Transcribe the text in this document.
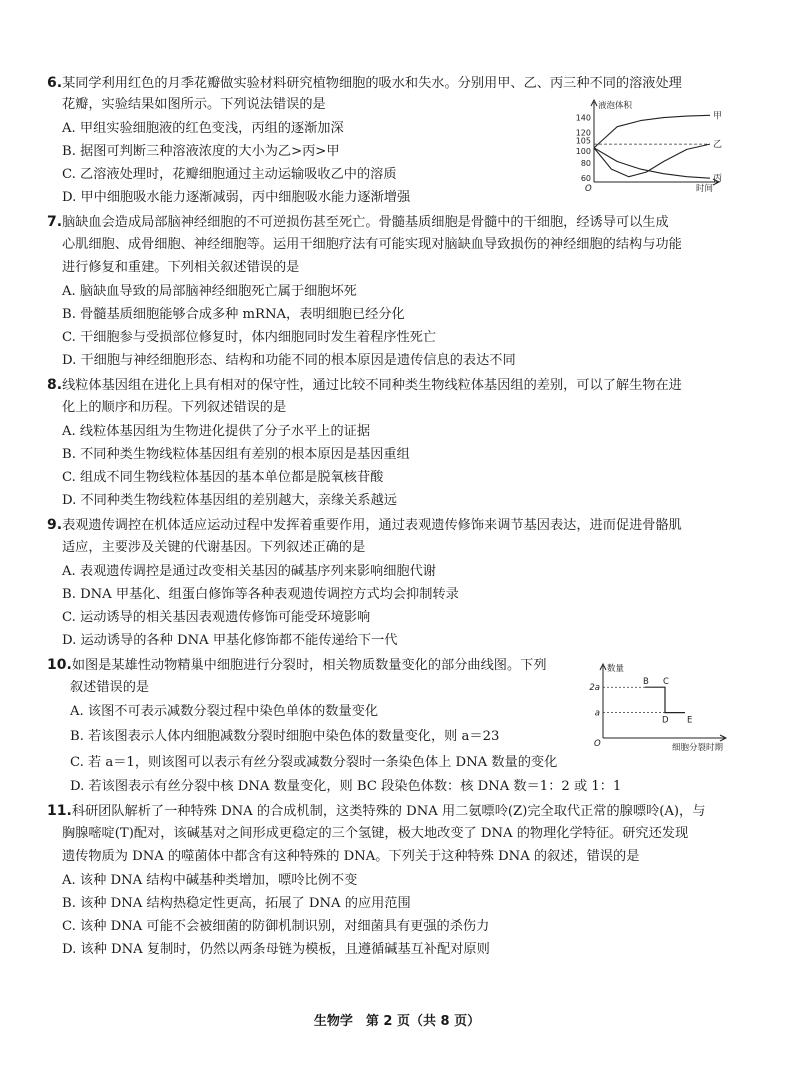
6.某同学利用红色的月季花瓣做实验材料研究植物细胞的吸水和失水。分别用甲、乙、丙三种不同的溶液处理
花瓣，实验结果如图所示。下列说法错误的是
A. 甲组实验细胞液的红色变浅，丙组的逐渐加深
B. 据图可判断三种溶液浓度的大小为乙>丙>甲
C. 乙溶液处理时，花瓣细胞通过主动运输吸收乙中的溶质
D. 甲中细胞吸水能力逐渐减弱，丙中细胞吸水能力逐渐增强
液泡体积
时间
O
140
120
105
100
80
60
甲
乙
丙
7.脑缺血会造成局部脑神经细胞的不可逆损伤甚至死亡。骨髓基质细胞是骨髓中的干细胞，经诱导可以生成
心肌细胞、成骨细胞、神经细胞等。运用干细胞疗法有可能实现对脑缺血导致损伤的神经细胞的结构与功能
进行修复和重建。下列相关叙述错误的是
A. 脑缺血导致的局部脑神经细胞死亡属于细胞坏死
B. 骨髓基质细胞能够合成多种 mRNA，表明细胞已经分化
C. 干细胞参与受损部位修复时，体内细胞同时发生着程序性死亡
D. 干细胞与神经细胞形态、结构和功能不同的根本原因是遗传信息的表达不同
8.线粒体基因组在进化上具有相对的保守性，通过比较不同种类生物线粒体基因组的差别，可以了解生物在进
化上的顺序和历程。下列叙述错误的是
A. 线粒体基因组为生物进化提供了分子水平上的证据
B. 不同种类生物线粒体基因组有差别的根本原因是基因重组
C. 组成不同生物线粒体基因的基本单位都是脱氧核苷酸
D. 不同种类生物线粒体基因组的差别越大，亲缘关系越远
9.表观遗传调控在机体适应运动过程中发挥着重要作用，通过表观遗传修饰来调节基因表达，进而促进骨骼肌
适应，主要涉及关键的代谢基因。下列叙述正确的是
A. 表观遗传调控是通过改变相关基因的碱基序列来影响细胞代谢
B. DNA 甲基化、组蛋白修饰等各种表观遗传调控方式均会抑制转录
C. 运动诱导的相关基因表观遗传修饰可能受环境影响
D. 运动诱导的各种 DNA 甲基化修饰都不能传递给下一代
10.如图是某雄性动物精巢中细胞进行分裂时，相关物质数量变化的部分曲线图。下列
叙述错误的是
A. 该图不可表示减数分裂过程中染色单体的数量变化
B. 若该图表示人体内细胞减数分裂时细胞中染色体的数量变化，则 a＝23
C. 若 a＝1，则该图可以表示有丝分裂或减数分裂时一条染色体上 DNA 数量的变化
D. 若该图表示有丝分裂中核 DNA 数量变化，则 BC 段染色体数：核 DNA 数＝1：2 或 1：1
数量
细胞分裂时期
O
2a
a
B C
D E
11.科研团队解析了一种特殊 DNA 的合成机制，这类特殊的 DNA 用二氨嘌呤(Z)完全取代正常的腺嘌呤(A)，与
胸腺嘧啶(T)配对，该碱基对之间形成更稳定的三个氢键，极大地改变了 DNA 的物理化学特征。研究还发现
遗传物质为 DNA 的噬菌体中都含有这种特殊的 DNA。下列关于这种特殊 DNA 的叙述，错误的是
A. 该种 DNA 结构中碱基种类增加，嘌呤比例不变
B. 该种 DNA 结构热稳定性更高，拓展了 DNA 的应用范围
C. 该种 DNA 可能不会被细菌的防御机制识别，对细菌具有更强的杀伤力
D. 该种 DNA 复制时，仍然以两条母链为模板，且遵循碱基互补配对原则
生物学　第 2 页（共 8 页）
